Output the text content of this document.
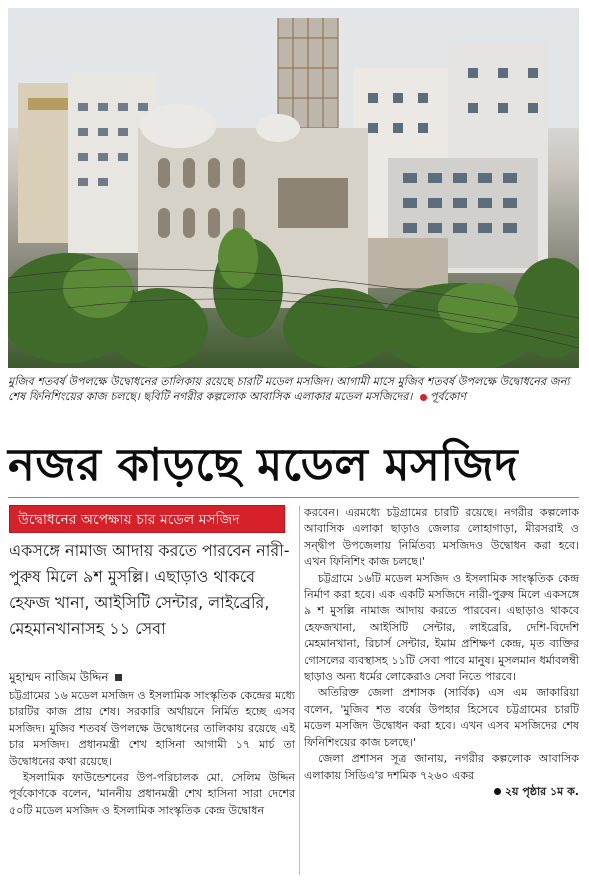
মুজিব শতবর্ষ উপলক্ষে উদ্বোধনের তালিকায় রয়েছে চারটি মডেল মসজিদ। আগামী মাসে মুজিব শতবর্ষ উপলক্ষে উদ্বোধনের জন্য শেষ ফিনিশিংয়ের কাজ চলছে। ছবিটি নগরীর কল্পলোক আবাসিক এলাকার মডেল মসজিদের। পূর্বকোণ
নজর কাড়ছে মডেল মসজিদ
উদ্বোধনের অপেক্ষায় চার মডেল মসজিদ
একসঙ্গে নামাজ আদায় করতে পারবেন নারী-পুরুষ মিলে ৯শ মুসল্লি। এছাড়াও থাকবে হেফজ খানা, আইসিটি সেন্টার, লাইব্রেরি, মেহমানখানাসহ ১১ সেবা
মুহাম্মদ নাজিম উদ্দিন

চট্টগ্রামের ১৬ মডেল মসজিদ ও ইসলামিক সাংস্কৃতিক কেন্দ্রের মধ্যে চারটির কাজ প্রায় শেষ। সরকারি অর্থায়নে নির্মিত হচ্ছে এসব মসজিদ। মুজিব শতবর্ষ উপলক্ষে উদ্বোধনের তালিকায় রয়েছে এই চার মসজিদ। প্রধানমন্ত্রী শেখ হাসিনা আগামী ১৭ মার্চ তা উদ্বোধনের কথা রয়েছে।

ইসলামিক ফাউন্ডেশনের উপ-পরিচালক মো. সেলিম উদ্দিন পূর্বকোণকে বলেন, 'মাননীয় প্রধানমন্ত্রী শেখ হাসিনা সারা দেশের ৫০টি মডেল মসজিদ ও ইসলামিক সাংস্কৃতিক কেন্দ্র উদ্বোধন

করবেন। এরমধ্যে চট্টগ্রামের চারটি রয়েছে। নগরীর কল্পলোক আবাসিক এলাকা ছাড়াও জেলার লোহাগাড়া, মীরসরাই ও সন্দ্বীপ উপজেলায় নির্মিতব্য মসজিদও উদ্বোধন করা হবে। এখন ফিনিশিং কাজ চলছে।'

চট্টগ্রামে ১৬টি মডেল মসজিদ ও ইসলামিক সাংস্কৃতিক কেন্দ্র নির্মাণ করা হবে। এক একটি মসজিদে নারী-পুরুষ মিলে একসঙ্গে ৯ শ মুসল্লি নামাজ আদায় করতে পারবেন। এছাড়াও থাকবে হেফজখানা, আইসিটি সেন্টার, লাইব্রেরি, দেশি-বিদেশি মেহমানখানা, রিচার্স সেন্টার, ইমাম প্রশিক্ষণ কেন্দ্র, মৃত ব্যক্তির গোসলের ব্যবস্থাসহ ১১টি সেবা পাবে মানুষ। মুসলমান ধর্মাবলম্বী ছাড়াও অন্য ধর্মের লোকেরাও সেবা নিতে পারবে।

অতিরিক্ত জেলা প্রশাসক (সার্বিক) এস এম জাকারিয়া বলেন, 'মুজিব শত বর্ষের উপহার হিসেবে চট্টগ্রামের চারটি মডেল মসজিদ উদ্বোধন করা হবে। এখন এসব মসজিদের শেষ ফিনিশিংয়ের কাজ চলছে।'

জেলা প্রশাসন সূত্র জানায়, নগরীর কল্পলোক আবাসিক এলাকায় সিডিএ'র দশমিক ৭২৬০ একর

২য় পৃষ্ঠার ১ম ক.
